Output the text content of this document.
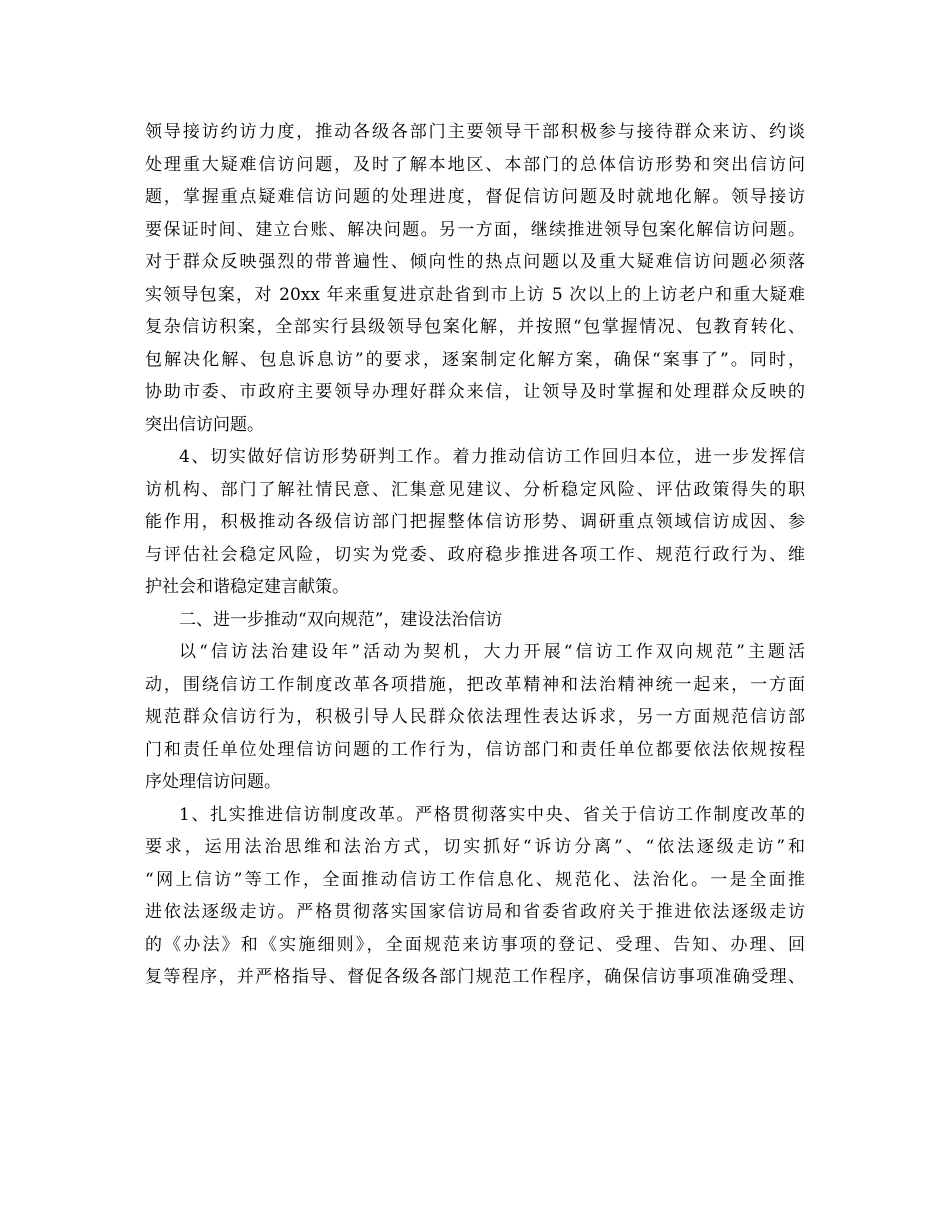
领导接访约访力度，推动各级各部门主要领导干部积极参与接待群众来访、约谈
处理重大疑难信访问题，及时了解本地区、本部门的总体信访形势和突出信访问
题，掌握重点疑难信访问题的处理进度，督促信访问题及时就地化解。领导接访
要保证时间、建立台账、解决问题。另一方面，继续推进领导包案化解信访问题。
对于群众反映强烈的带普遍性、倾向性的热点问题以及重大疑难信访问题必须落
实领导包案，对 20xx 年来重复进京赴省到市上访 5 次以上的上访老户和重大疑难
复杂信访积案，全部实行县级领导包案化解，并按照“包掌握情况、包教育转化、
包解决化解、包息诉息访”的要求，逐案制定化解方案，确保“案事了”。同时，
协助市委、市政府主要领导办理好群众来信，让领导及时掌握和处理群众反映的
突出信访问题。
4、切实做好信访形势研判工作。着力推动信访工作回归本位，进一步发挥信
访机构、部门了解社情民意、汇集意见建议、分析稳定风险、评估政策得失的职
能作用，积极推动各级信访部门把握整体信访形势、调研重点领域信访成因、参
与评估社会稳定风险，切实为党委、政府稳步推进各项工作、规范行政行为、维
护社会和谐稳定建言献策。
二、进一步推动“双向规范”，建设法治信访
以“信访法治建设年”活动为契机，大力开展“信访工作双向规范”主题活
动，围绕信访工作制度改革各项措施，把改革精神和法治精神统一起来，一方面
规范群众信访行为，积极引导人民群众依法理性表达诉求，另一方面规范信访部
门和责任单位处理信访问题的工作行为，信访部门和责任单位都要依法依规按程
序处理信访问题。
1、扎实推进信访制度改革。严格贯彻落实中央、省关于信访工作制度改革的
要求，运用法治思维和法治方式，切实抓好“诉访分离”、“依法逐级走访”和
“网上信访”等工作，全面推动信访工作信息化、规范化、法治化。一是全面推
进依法逐级走访。严格贯彻落实国家信访局和省委省政府关于推进依法逐级走访
的《办法》和《实施细则》，全面规范来访事项的登记、受理、告知、办理、回
复等程序，并严格指导、督促各级各部门规范工作程序，确保信访事项准确受理、
